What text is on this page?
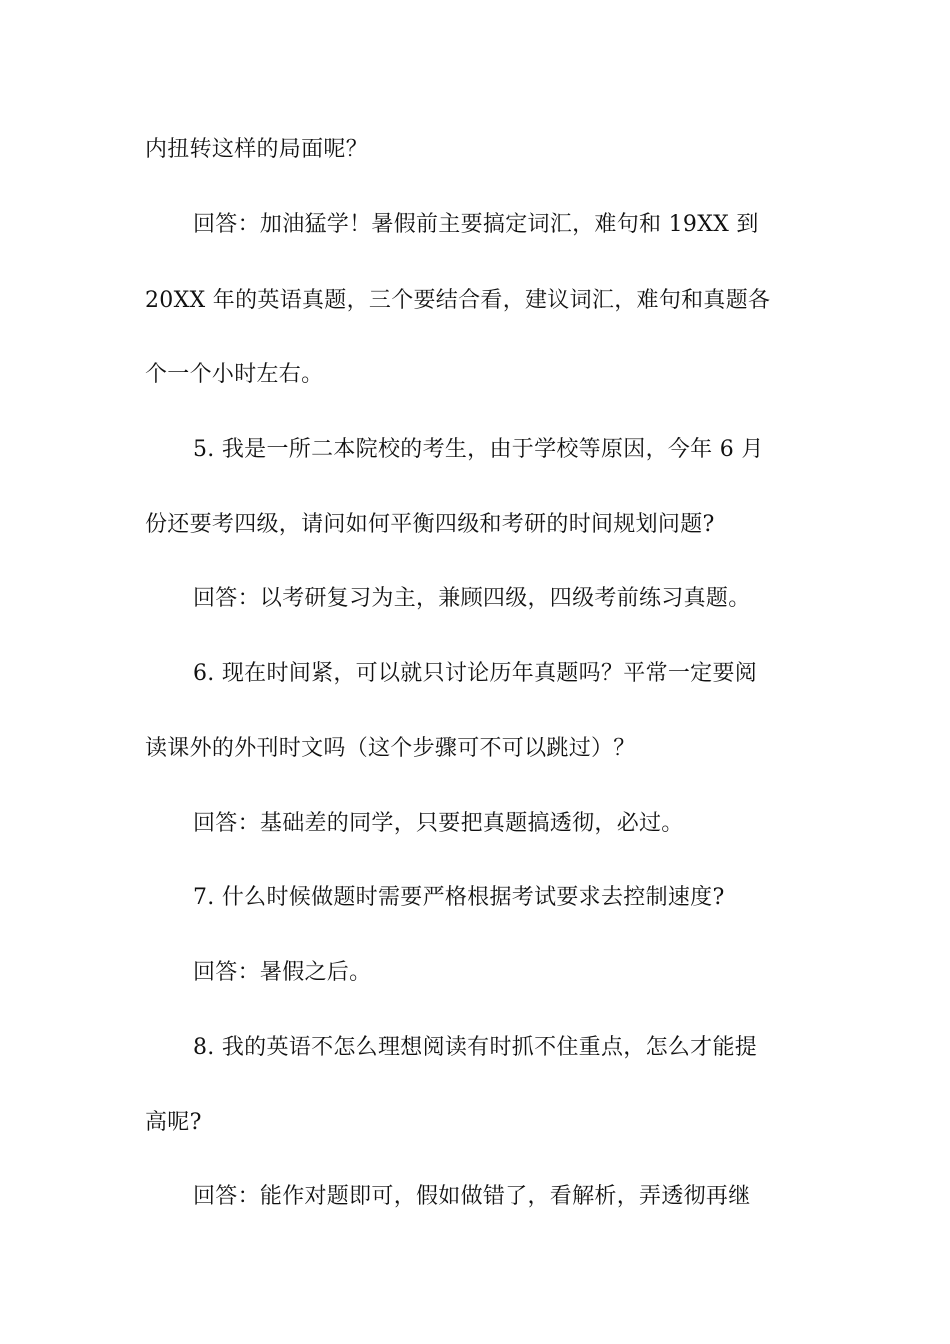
内扭转这样的局面呢？
回答：加油猛学！暑假前主要搞定词汇，难句和 19XX 到
20XX 年的英语真题，三个要结合看，建议词汇，难句和真题各
个一个小时左右。
5. 我是一所二本院校的考生，由于学校等原因，今年 6 月
份还要考四级，请问如何平衡四级和考研的时间规划问题?
回答：以考研复习为主，兼顾四级，四级考前练习真题。
6. 现在时间紧，可以就只讨论历年真题吗？平常一定要阅
读课外的外刊时文吗（这个步骤可不可以跳过）？
回答：基础差的同学，只要把真题搞透彻，必过。
7. 什么时候做题时需要严格根据考试要求去控制速度?
回答：暑假之后。
8. 我的英语不怎么理想阅读有时抓不住重点，怎么才能提
高呢?
回答：能作对题即可，假如做错了，看解析，弄透彻再继
